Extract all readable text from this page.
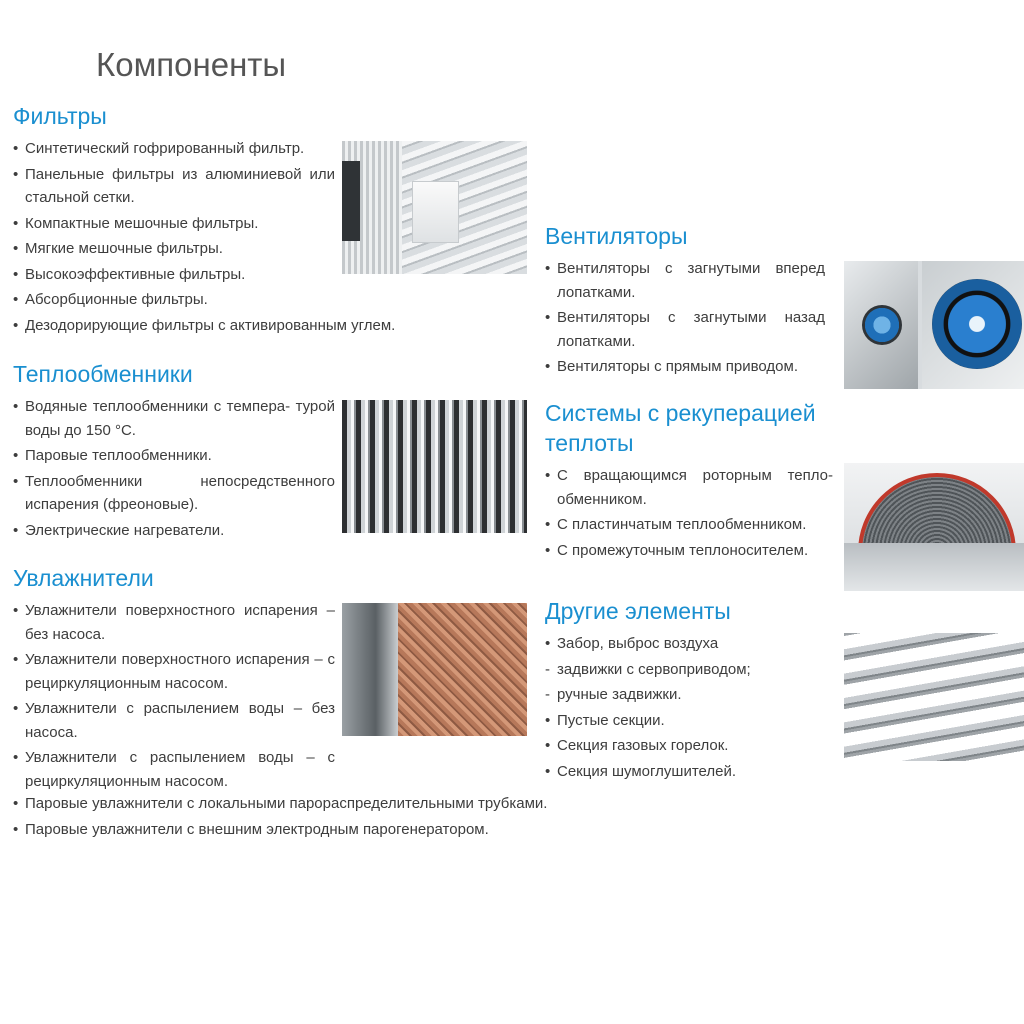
Компоненты
Фильтры
• Синтетический гофрированный фильтр.
• Панельные фильтры из алюминиевой или стальной сетки.
• Компактные мешочные фильтры.
• Мягкие мешочные фильтры.
• Высокоэффективные фильтры.
• Абсорбционные фильтры.
• Дезодорирующие фильтры с активированным углем.
Теплообменники
• Водяные теплообменники с темпера- турой воды до 150 °С.
• Паровые теплообменники.
• Теплообменники непосредственного испарения (фреоновые).
• Электрические нагреватели.
Увлажнители
• Увлажнители поверхностного испарения – без насоса.
• Увлажнители поверхностного испарения – с рециркуляционным насосом.
• Увлажнители с распылением воды – без насоса.
• Увлажнители с распылением воды – с рециркуляционным насосом.
• Паровые увлажнители с локальными парораспределительными трубками.
• Паровые увлажнители с внешним электродным парогенератором.
Вентиляторы
• Вентиляторы с загнутыми вперед лопатками.
• Вентиляторы с загнутыми назад лопатками.
• Вентиляторы с прямым приводом.
Системы с рекуперацией теплоты
• С вращающимся роторным тепло- обменником.
• С пластинчатым теплообменником.
• С промежуточным теплоносителем.
Другие элементы
• Забор, выброс воздуха
- задвижки с сервоприводом;
- ручные задвижки.
• Пустые секции.
• Секция газовых горелок.
• Секция шумоглушителей.
